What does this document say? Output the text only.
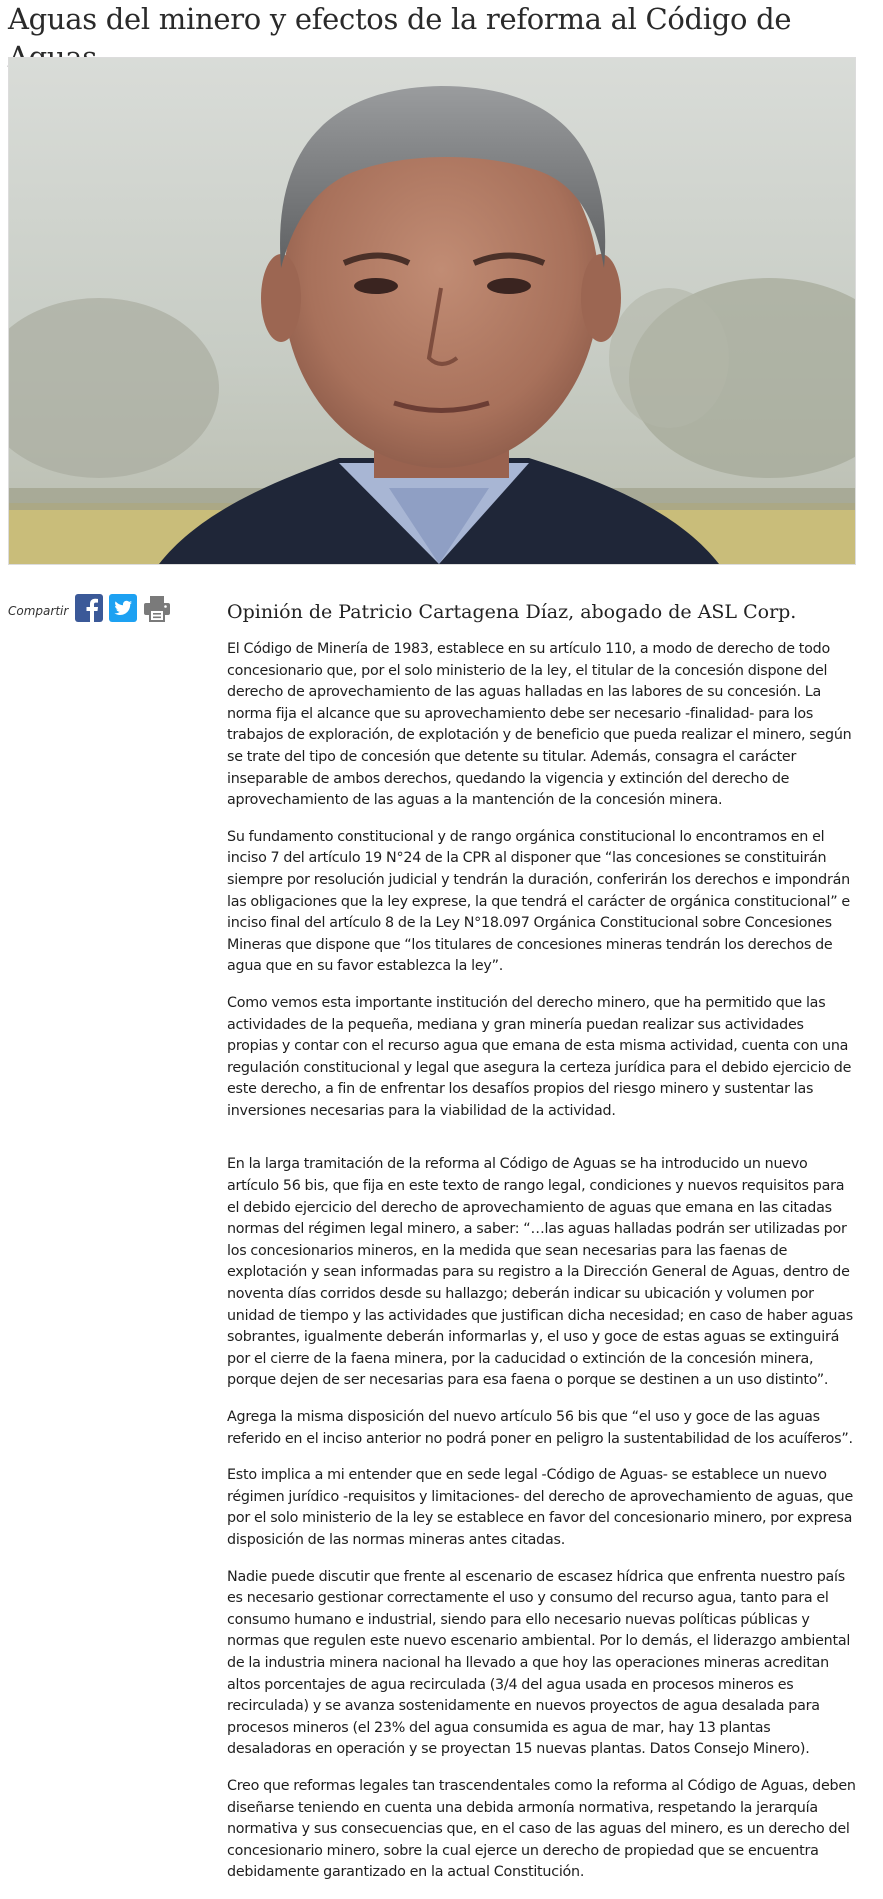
Aguas del minero y efectos de la reforma al Código de
Compartir	Opinión de Patricio Cartagena Díaz, abogado de ASL Corp.

El Código de Minería de 1983, establece en su artículo 110, a modo de derecho de todo concesionario que, por el solo ministerio de la ley, el titular de la concesión dispone del derecho de aprovechamiento de las aguas halladas en las labores de su concesión. La norma fija el alcance que su aprovechamiento debe ser necesario -finalidad- para los trabajos de exploración, de explotación y de beneficio que pueda realizar el minero, según se trate del tipo de concesión que detente su titular. Además, consagra el carácter inseparable de ambos derechos, quedando la vigencia y extinción del derecho de aprovechamiento de las aguas a la mantención de la concesión minera.

Su fundamento constitucional y de rango orgánica constitucional lo encontramos en el inciso 7 del artículo 19 N°24 de la CPR al disponer que “las concesiones se constituirán siempre por resolución judicial y tendrán la duración, conferirán los derechos e impondrán las obligaciones que la ley exprese, la que tendrá el carácter de orgánica constitucional” e inciso final del artículo 8 de la Ley N°18.097 Orgánica Constitucional sobre Concesiones Mineras que dispone que “los titulares de concesiones mineras tendrán los derechos de agua que en su favor establezca la ley”.

Como vemos esta importante institución del derecho minero, que ha permitido que las actividades de la pequeña, mediana y gran minería puedan realizar sus actividades propias y contar con el recurso agua que emana de esta misma actividad, cuenta con una regulación constitucional y legal que asegura la certeza jurídica para el debido ejercicio de este derecho, a fin de enfrentar los desafíos propios del riesgo minero y sustentar las inversiones necesarias para la viabilidad de la actividad.

En la larga tramitación de la reforma al Código de Aguas se ha introducido un nuevo artículo 56 bis, que fija en este texto de rango legal, condiciones y nuevos requisitos para el debido ejercicio del derecho de aprovechamiento de aguas que emana en las citadas normas del régimen legal minero, a saber: “…las aguas halladas podrán ser utilizadas por los concesionarios mineros, en la medida que sean necesarias para las faenas de explotación y sean informadas para su registro a la Dirección General de Aguas, dentro de noventa días corridos desde su hallazgo; deberán indicar su ubicación y volumen por unidad de tiempo y las actividades que justifican dicha necesidad; en caso de haber aguas sobrantes, igualmente deberán informarlas y, el uso y goce de estas aguas se extinguirá por el cierre de la faena minera, por la caducidad o extinción de la concesión minera, porque dejen de ser necesarias para esa faena o porque se destinen a un uso distinto”.

Agrega la misma disposición del nuevo artículo 56 bis que “el uso y goce de las aguas referido en el inciso anterior no podrá poner en peligro la sustentabilidad de los acuíferos”.

Esto implica a mi entender que en sede legal -Código de Aguas- se establece un nuevo régimen jurídico -requisitos y limitaciones- del derecho de aprovechamiento de aguas, que por el solo ministerio de la ley se establece en favor del concesionario minero, por expresa disposición de las normas mineras antes citadas.

Nadie puede discutir que frente al escenario de escasez hídrica que enfrenta nuestro país es necesario gestionar correctamente el uso y consumo del recurso agua, tanto para el consumo humano e industrial, siendo para ello necesario nuevas políticas públicas y normas que regulen este nuevo escenario ambiental. Por lo demás, el liderazgo ambiental de la industria minera nacional ha llevado a que hoy las operaciones mineras acreditan altos porcentajes de agua recirculada (3/4 del agua usada en procesos mineros es recirculada) y se avanza sostenidamente en nuevos proyectos de agua desalada para procesos mineros (el 23% del agua consumida es agua de mar, hay 13 plantas desaladoras en operación y se proyectan 15 nuevas plantas. Datos Consejo Minero).

Creo que reformas legales tan trascendentales como la reforma al Código de Aguas, deben diseñarse teniendo en cuenta una debida armonía normativa, respetando la jerarquía normativa y sus consecuencias que, en el caso de las aguas del minero, es un derecho del concesionario minero, sobre la cual ejerce un derecho de propiedad que se encuentra debidamente garantizado en la actual Constitución.
